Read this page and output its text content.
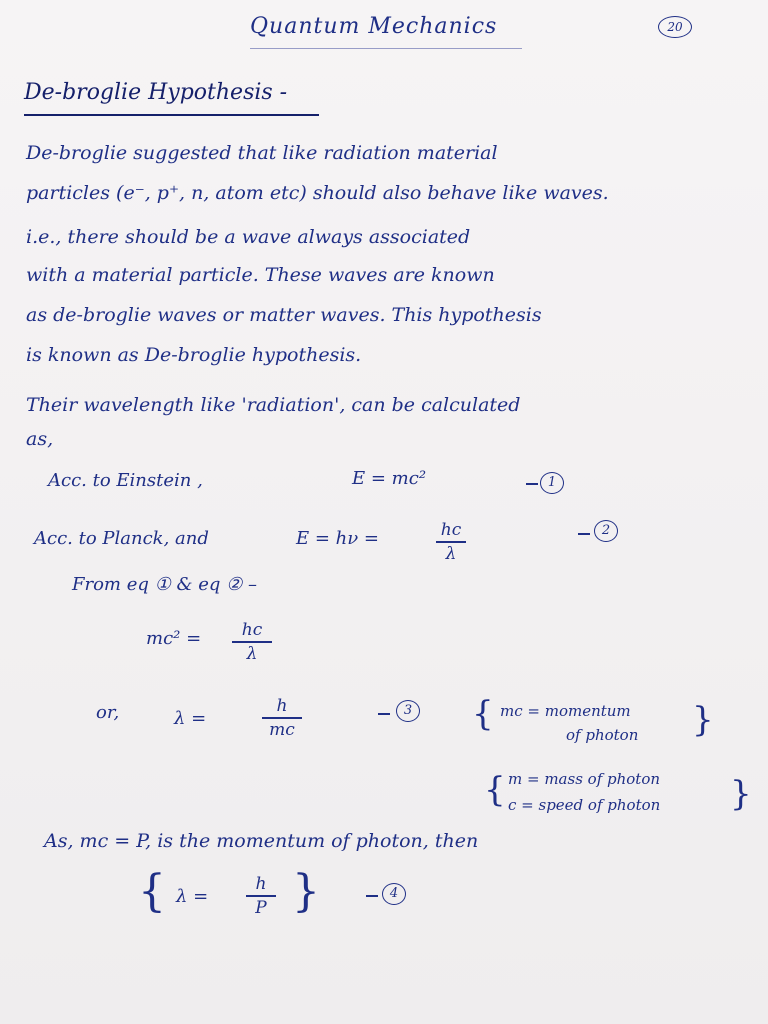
Quantum Mechanics	20
De-broglie Hypothesis -
De-broglie suggested that like radiation material
particles (e⁻, p⁺, n, atom etc) should also behave like waves.
i.e., there should be a wave always associated
with a material particle. These waves are known
as de-broglie waves or matter waves. This hypothesis
is known as De-broglie hypothesis.
Their wavelength like 'radiation', can be calculated
as,
Acc. to Einstein ,	E = mc²	1
Acc. to Planck, and	E = hν =	hc
λ
2
From eq ① & eq ② –
mc² =	hc
λ
or,	λ =
h
mc
3 { mc = momentum
of photon }
{ m = mass of photon
c = speed of photon }
As, mc = P, is the momentum of photon, then
{ λ =
h
P }	4
